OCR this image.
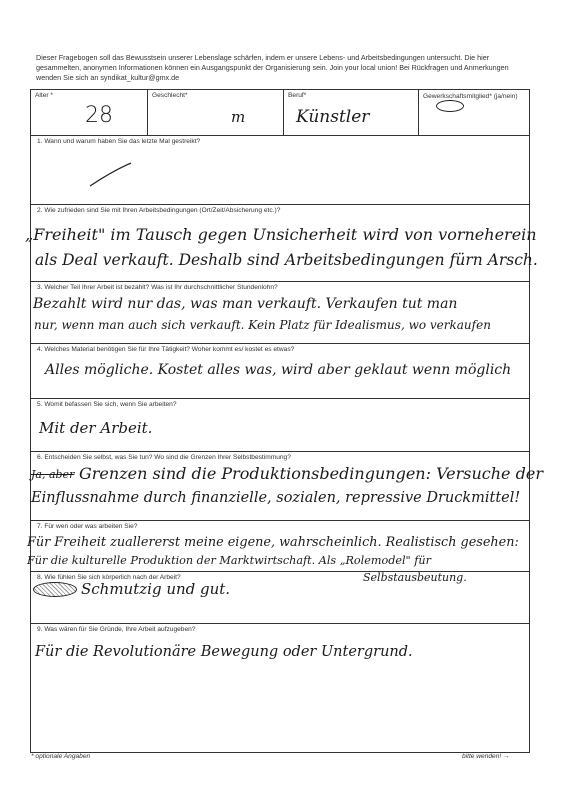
Dieser Fragebogen soll das Bewusstsein unserer Lebenslage schärfen, indem er unsere Lebens- und Arbeitsbedingungen untersucht. Die hier gesammelten, anonymen Informationen können ein Ausgangspunkt der Organisierung sein. Join your local union! Bei Rückfragen und Anmerkungen wenden Sie sich an syndikat_kultur@gmx.de
Alter *
28
Geschlecht*
m
Beruf*
Künstler
Gewerkschaftsmitglied* (ja/nein)
1. Wann und warum haben Sie das letzte Mal gestreikt?
2. Wie zufrieden sind Sie mit Ihren Arbeitsbedingungen (Ort/Zeit/Absicherung etc.)?
„Freiheit" im Tausch gegen Unsicherheit wird von vorneherein
als Deal verkauft. Deshalb sind Arbeitsbedingungen fürn Arsch.
3. Welcher Teil Ihrer Arbeit ist bezahlt? Was ist Ihr durchschnittlicher Stundenlohn?
Bezahlt wird nur das, was man verkauft. Verkaufen tut man
nur, wenn man auch sich verkauft. Kein Platz für Idealismus, wo verkaufen
4. Welches Material benötigen Sie für Ihre Tätigkeit? Woher kommt es/ kostet es etwas?
Alles mögliche. Kostet alles was, wird aber geklaut wenn möglich
5. Womit befassen Sie sich, wenn Sie arbeiten?
Mit der Arbeit.
6. Entscheiden Sie selbst, was Sie tun? Wo sind die Grenzen Ihrer Selbstbestimmung?
Ja, aber Grenzen sind die Produktionsbedingungen: Versuche der
Einflussnahme durch finanzielle, sozialen, repressive Druckmittel!
7. Für wen oder was arbeiten Sie?
Für Freiheit zuallererst meine eigene, wahrscheinlich. Realistisch gesehen:
Für die kulturelle Produktion der Marktwirtschaft. Als „Rolemodel" für
8. Wie fühlen Sie sich körperlich nach der Arbeit?	Selbstausbeutung.
Schmutzig und gut.
9. Was wären für Sie Gründe, Ihre Arbeit aufzugeben?
Für die Revolutionäre Bewegung oder Untergrund.
* optionale Angaben	bitte wenden! →
